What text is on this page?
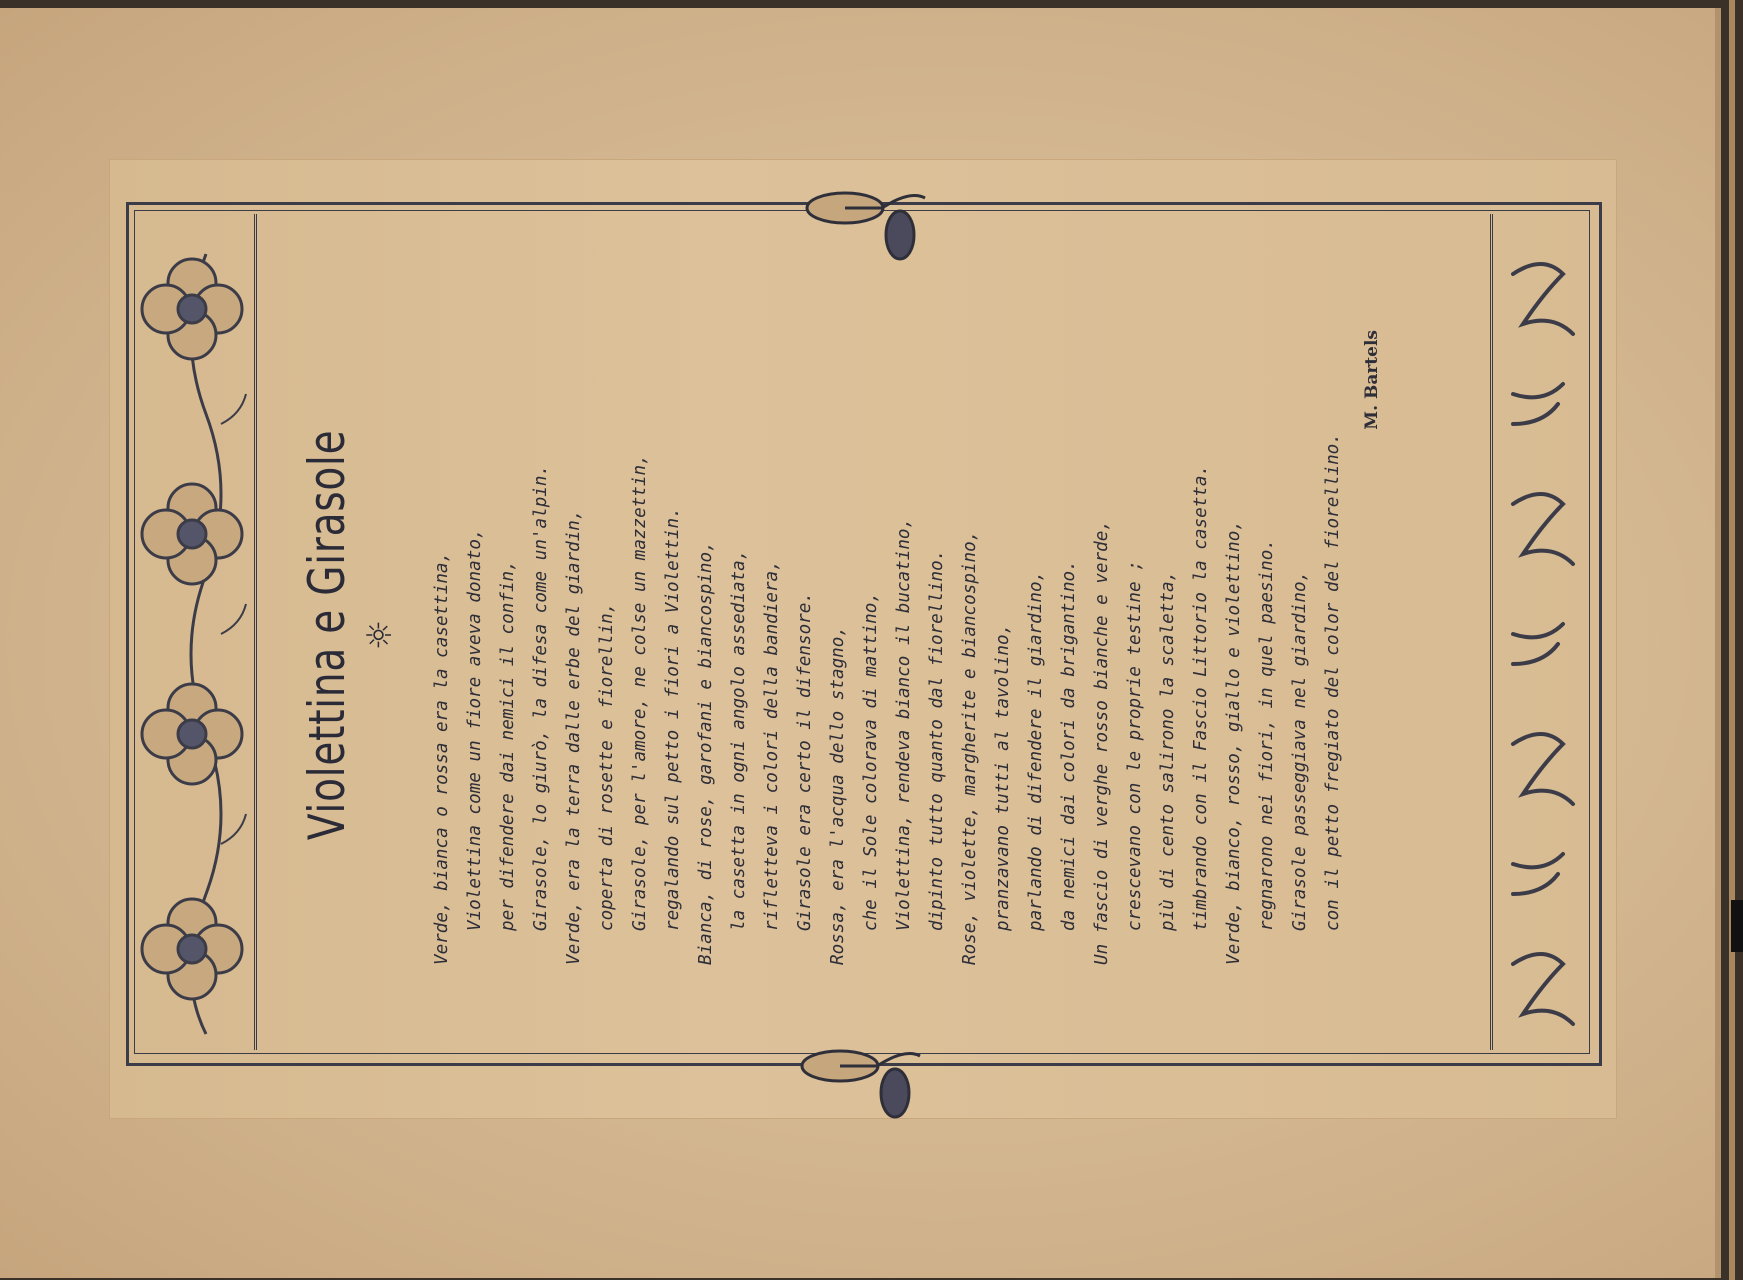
Violettina e Girasole ☼	Verde, bianca o rossa era la casettina, Violettina come un fiore aveva donato, per difendere dai nemici il confin, Girasole, lo giurò, la difesa come un'alpin. Verde, era la terra dalle erbe del giardin, coperta di rosette e fiorellin, Girasole, per l'amore, ne colse un mazzettin, regalando sul petto i fiori a Violettin. Bianca, di rose, garofani e biancospino, la casetta in ogni angolo assediata, rifletteva i colori della bandiera, Girasole era certo il difensore. Rossa, era l'acqua dello stagno, che il Sole colorava di mattino, Violettina, rendeva bianco il bucatino, dipinto tutto quanto dal fiorellino. Rose, violette, margherite e biancospino, pranzavano tutti al tavolino, parlando di difendere il giardino, da nemici dai colori da brigantino. Un fascio di verghe rosso bianche e verde, crescevano con le proprie testine ; più di cento salirono la scaletta, timbrando con il Fascio Littorio la casetta. Verde, bianco, rosso, giallo e violettino, regnarono nei fiori, in quel paesino. Girasole passeggiava nel giardino, con il petto fregiato del color del fiorellino.
M. Bartels
